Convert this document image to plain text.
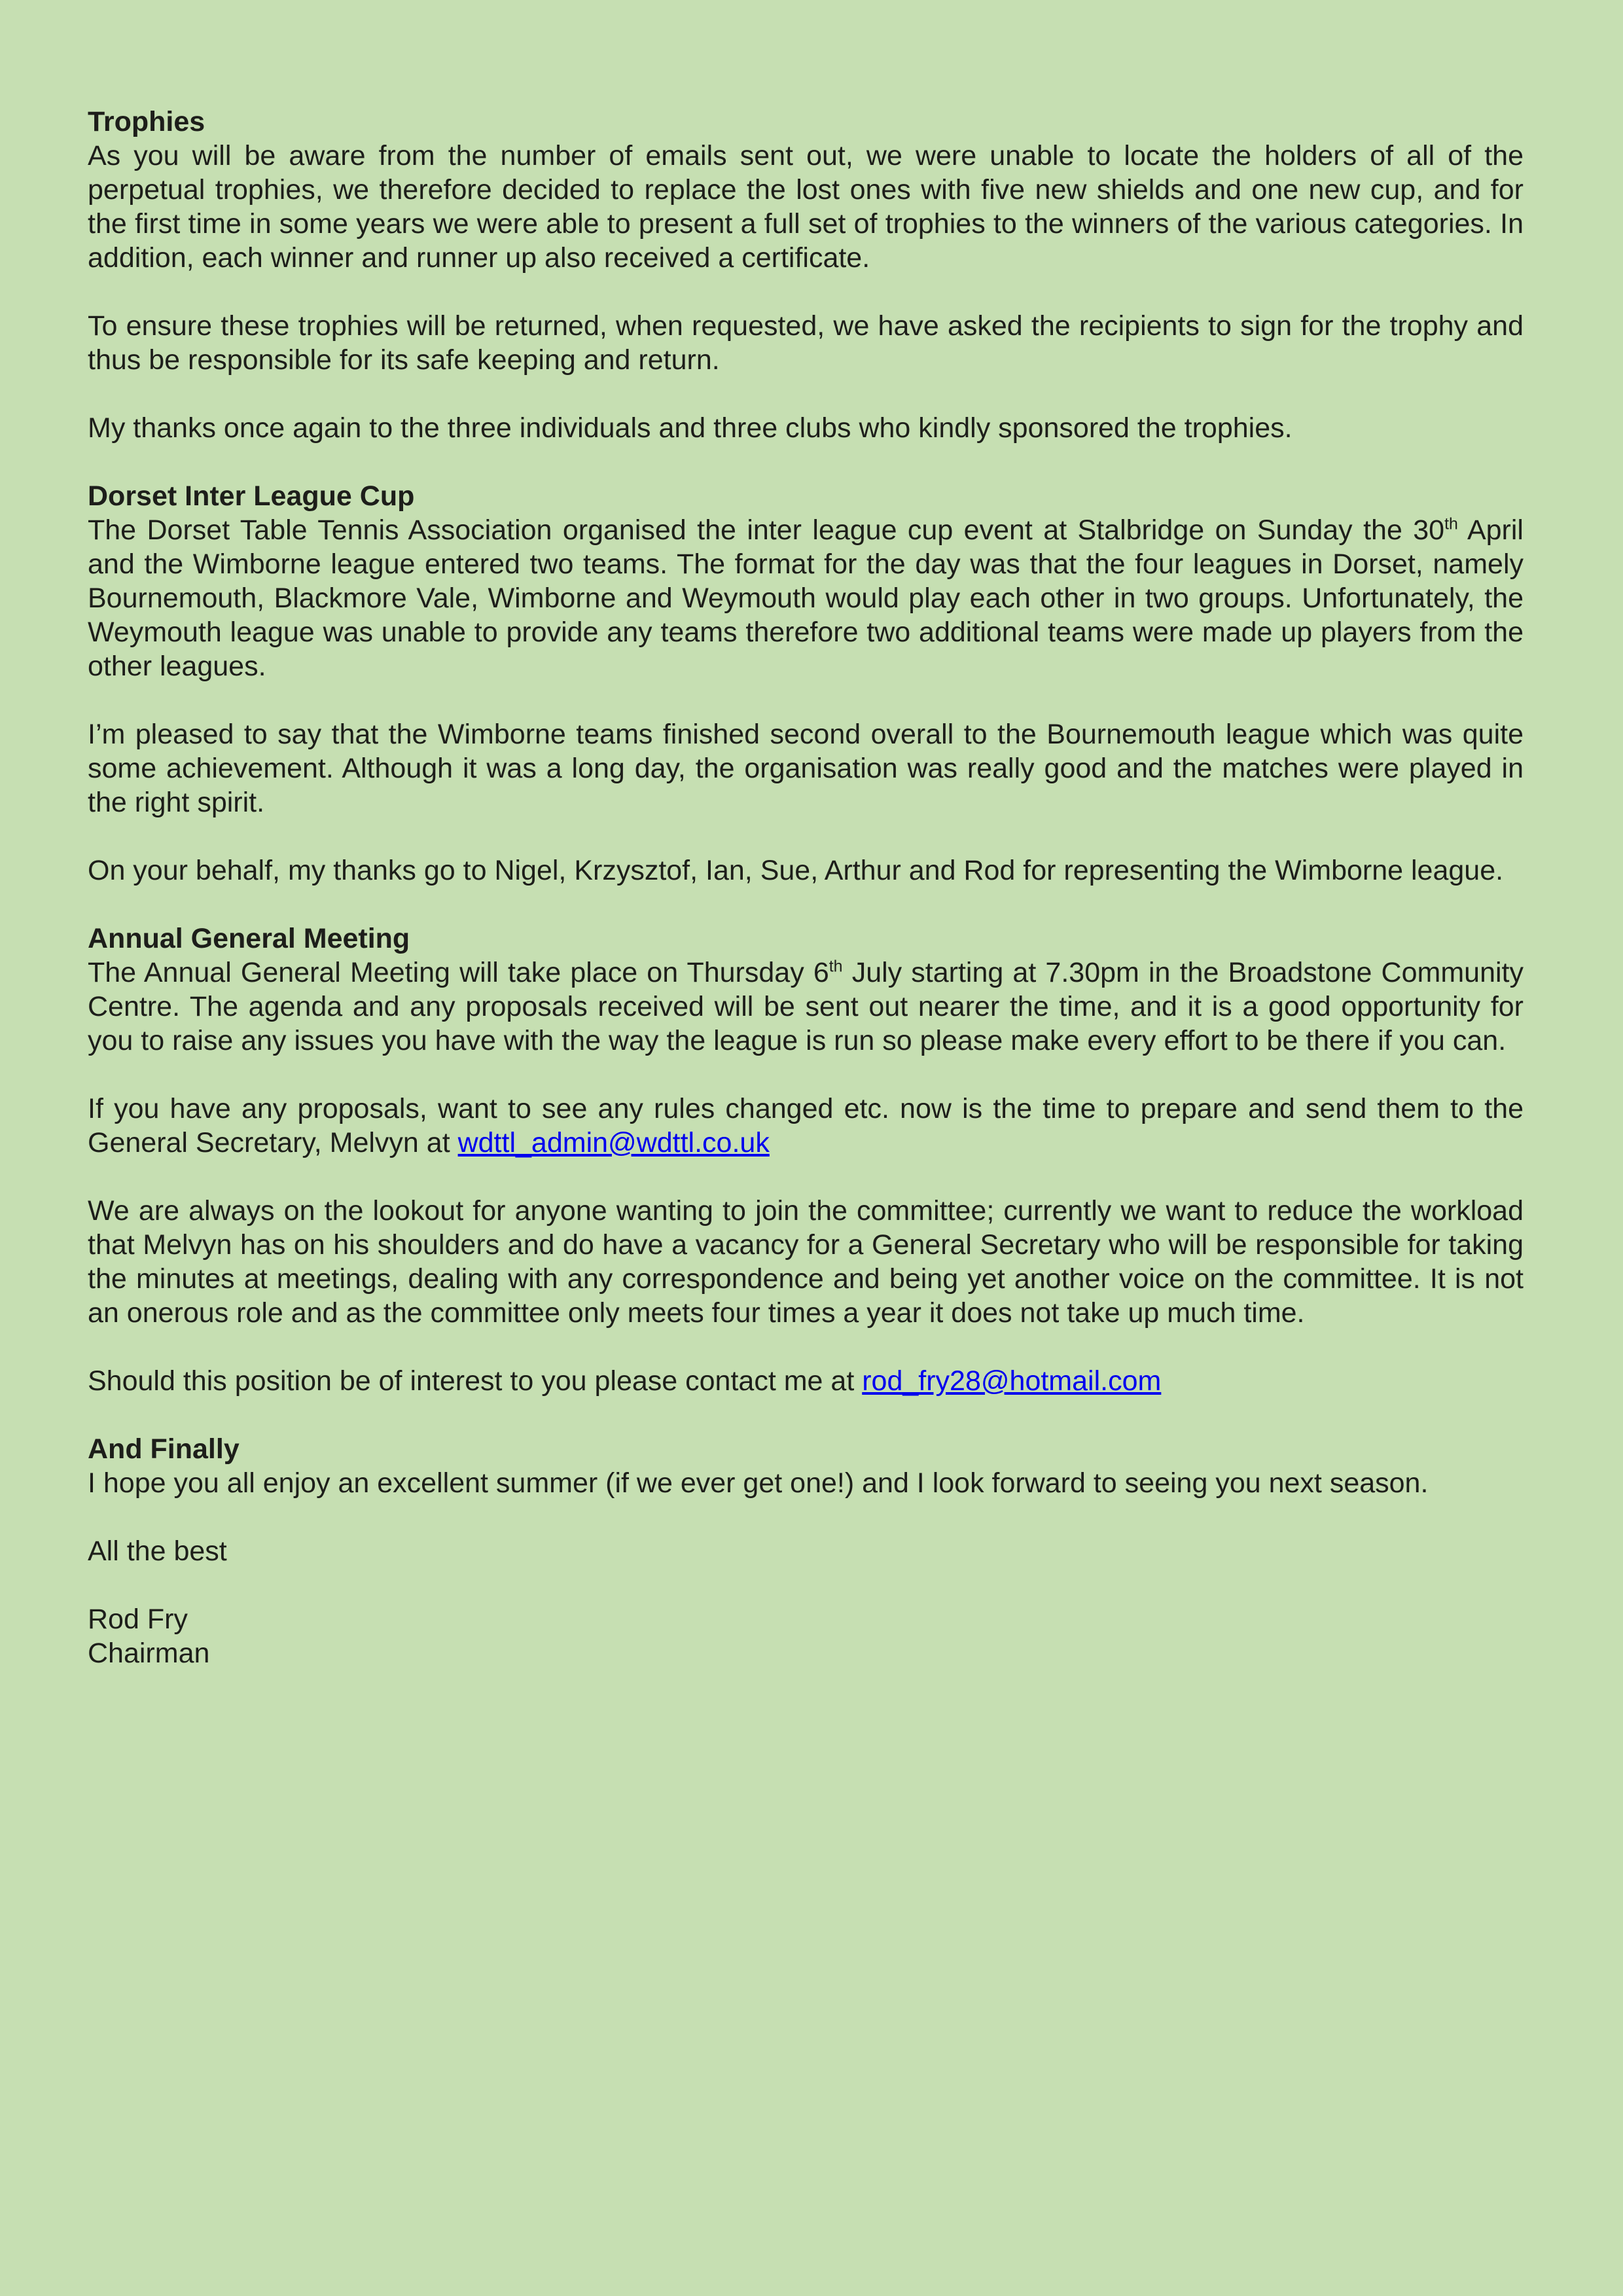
Trophies

As you will be aware from the number of emails sent out, we were unable to locate the holders of all of the perpetual trophies, we therefore decided to replace the lost ones with five new shields and one new cup, and for the first time in some years we were able to present a full set of trophies to the winners of the various categories. In addition, each winner and runner up also received a certificate.

To ensure these trophies will be returned, when requested, we have asked the recipients to sign for the trophy and thus be responsible for its safe keeping and return.

My thanks once again to the three individuals and three clubs who kindly sponsored the trophies.

Dorset Inter League Cup

The Dorset Table Tennis Association organised the inter league cup event at Stalbridge on Sunday the 30th April and the Wimborne league entered two teams. The format for the day was that the four leagues in Dorset, namely Bournemouth, Blackmore Vale, Wimborne and Weymouth would play each other in two groups. Unfortunately, the Weymouth league was unable to provide any teams therefore two additional teams were made up players from the other leagues.

I’m pleased to say that the Wimborne teams finished second overall to the Bournemouth league which was quite some achievement. Although it was a long day, the organisation was really good and the matches were played in the right spirit.

On your behalf, my thanks go to Nigel, Krzysztof, Ian, Sue, Arthur and Rod for representing the Wimborne league.

Annual General Meeting

The Annual General Meeting will take place on Thursday 6th July starting at 7.30pm in the Broadstone Community Centre. The agenda and any proposals received will be sent out nearer the time, and it is a good opportunity for you to raise any issues you have with the way the league is run so please make every effort to be there if you can.

If you have any proposals, want to see any rules changed etc. now is the time to prepare and send them to the General Secretary, Melvyn at wdttl_admin@wdttl.co.uk

We are always on the lookout for anyone wanting to join the committee; currently we want to reduce the workload that Melvyn has on his shoulders and do have a vacancy for a General Secretary who will be responsible for taking the minutes at meetings, dealing with any correspondence and being yet another voice on the committee. It is not an onerous role and as the committee only meets four times a year it does not take up much time.

Should this position be of interest to you please contact me at rod_fry28@hotmail.com

And Finally

I hope you all enjoy an excellent summer (if we ever get one!) and I look forward to seeing you next season.

All the best

Rod Fry
Chairman
